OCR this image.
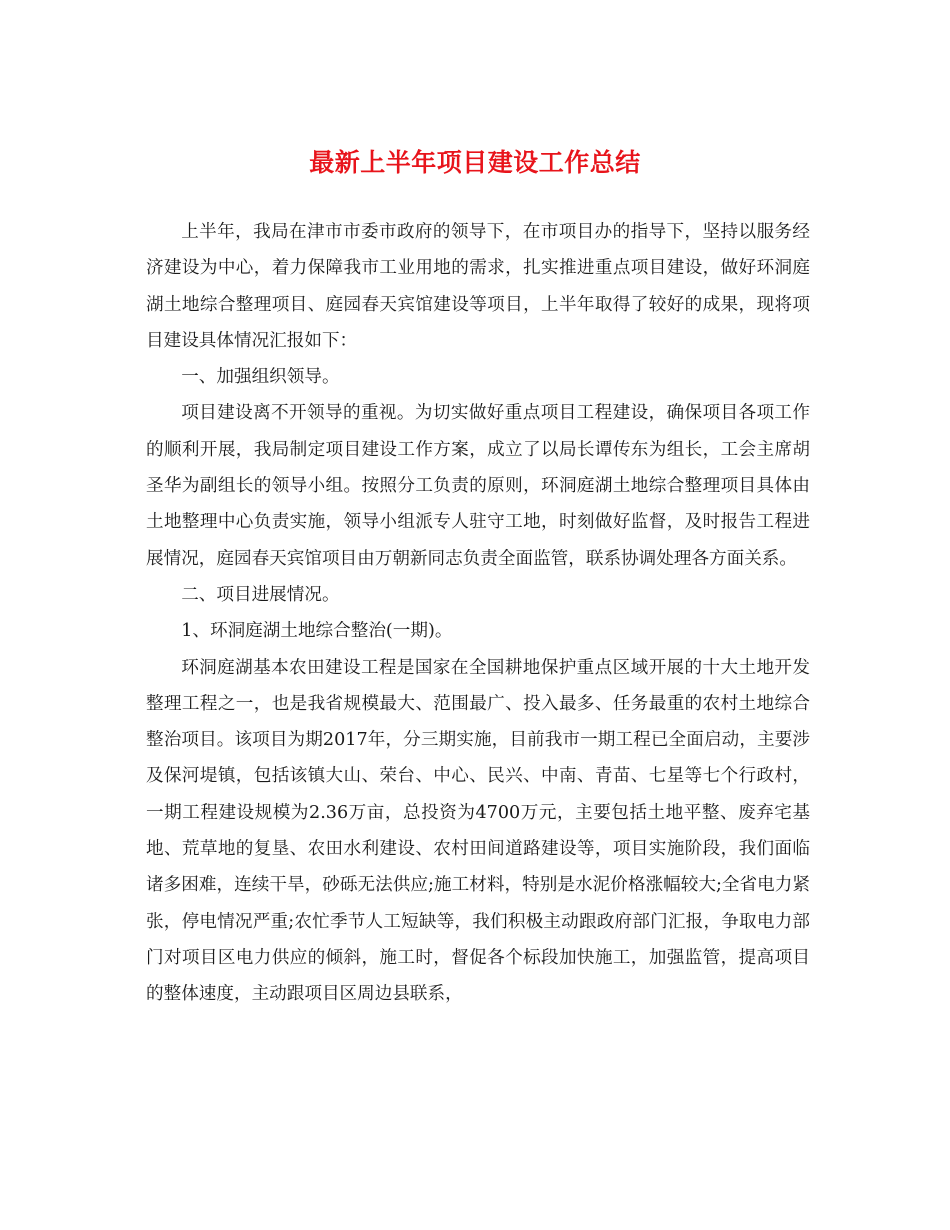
最新上半年项目建设工作总结

上半年，我局在津市市委市政府的领导下，在市项目办的指导下，坚持以服务经济建设为中心，着力保障我市工业用地的需求，扎实推进重点项目建设，做好环洞庭湖土地综合整理项目、庭园春天宾馆建设等项目，上半年取得了较好的成果，现将项目建设具体情况汇报如下：

一、加强组织领导。

项目建设离不开领导的重视。为切实做好重点项目工程建设，确保项目各项工作的顺利开展，我局制定项目建设工作方案，成立了以局长谭传东为组长，工会主席胡圣华为副组长的领导小组。按照分工负责的原则，环洞庭湖土地综合整理项目具体由土地整理中心负责实施，领导小组派专人驻守工地，时刻做好监督，及时报告工程进展情况，庭园春天宾馆项目由万朝新同志负责全面监管，联系协调处理各方面关系。

二、项目进展情况。

1、环洞庭湖土地综合整治(一期)。

环洞庭湖基本农田建设工程是国家在全国耕地保护重点区域开展的十大土地开发整理工程之一，也是我省规模最大、范围最广、投入最多、任务最重的农村土地综合整治项目。该项目为期2017年，分三期实施，目前我市一期工程已全面启动，主要涉及保河堤镇，包括该镇大山、荣台、中心、民兴、中南、青苗、七星等七个行政村，一期工程建设规模为2.36万亩，总投资为4700万元，主要包括土地平整、废弃宅基地、荒草地的复垦、农田水利建设、农村田间道路建设等，项目实施阶段，我们面临诸多困难，连续干旱，砂砾无法供应;施工材料，特别是水泥价格涨幅较大;全省电力紧张，停电情况严重;农忙季节人工短缺等，我们积极主动跟政府部门汇报，争取电力部门对项目区电力供应的倾斜，施工时，督促各个标段加快施工，加强监管，提高项目的整体速度，主动跟项目区周边县联系，
